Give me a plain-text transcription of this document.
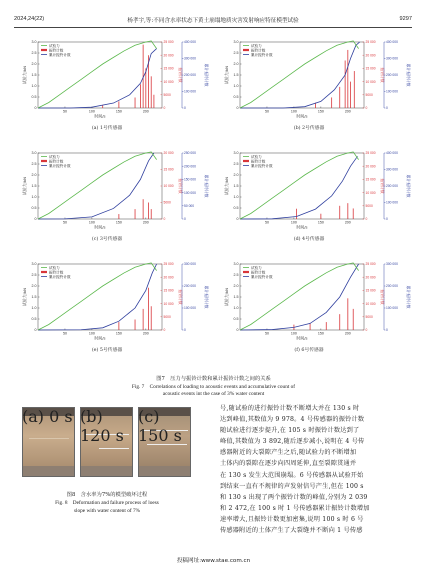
2024,24(22)	杨孝宇,等:不同含水率状态下黄土崩塌地质灾害发射响应特征模型试验	9297
50	100	150	200
时间/s
0
0.5
1.0
1.5
2.0
2.5
3.0
试验力/kN
0
5000
10 000
15 000
20 000
25 000
振铃计数
0
100 000
200 000
300 000
400 000
累计振铃计数
试验力
振铃计数
累计振铃计数
(a) 1号传感器
50	100	150	200
时间/s
0
0.5
1.0
1.5
2.0
2.5
3.0
试验力/kN
0
5000
10 000
15 000
20 000
25 000
振铃计数
0
100 000
200 000
300 000
400 000
累计振铃计数
试验力
振铃计数
累计振铃计数
(b) 2号传感器
50	100	150	200
时间/s
0
0.5
1.0
1.5
2.0
2.5
3.0
试验力/kN
0
5000
10 000
15 000
20 000
振铃计数
0
50 000
100 000
150 000
200 000
250 000
累计振铃计数
试验力
振铃计数
累计振铃计数
(c) 3号传感器
50	100	150	200
时间/s
0
0.5
1.0
1.5
2.0
2.5
3.0
试验力/kN
0
5000
10 000
15 000
20 000
25 000
振铃计数
0
100 000
200 000
300 000
400 000
累计振铃计数
试验力
振铃计数
累计振铃计数
(d) 4号传感器
50	100	150	200
时间/s
0
0.5
1.0
1.5
2.0
2.5
3.0
试验力/kN
0
5000
10 000
15 000
20 000
25 000
振铃计数
0
100 000
200 000
300 000
累计振铃计数
试验力
振铃计数
累计振铃计数
(e) 5号传感器
50	100	150	200
时间/s
0
0.5
1.0
1.5
2.0
2.5
3.0
试验力/kN
0
5000
10 000
15 000
20 000
25 000
振铃计数
0
100 000
200 000
300 000
累计振铃计数
试验力
振铃计数
累计振铃计数
(f) 6号传感器
图7　压力与振铃计数和累计振铃计数之间的关系
Fig. 7　Correlations of loading to acoustic events and accumulative count of
acoustic events int the case of 3% water content
(a) 0 s (b) 120 s
(c) 150 s
图8　含水率为7%的模型破坏过程
Fig. 8　Deformation and failure process of loess
slope with water content of 7%
号,随试验的进行振铃计数不断增大并在 130 s 时
达到峰值,其数值为 9 978。4 号传感器的振铃计数
随试验进行逐步提升,在 105 s 时振铃计数达到了
峰值,其数值为 3 892,随后逐步减小,说明在 4 号传
感器附近的大裂隙产生之后,随试验力的不断增加
土体内的裂隙在逐步向四周延伸,直至裂隙贯通并
在 130 s 发生大范围崩塌。6 号传感器从试验开始
到结束一直有不规律的声发射信号产生,但在 100 s
和 130 s 出现了两个振铃计数的峰值,分别为 2 039
和 2 472,在 100 s 时 1 号传感器累计振铃计数增加
速率增大,且振铃计数更加密集,说明 100 s 时 6 号
传感器附近的土体产生了大裂缝并不断向 1 号传感
投稿网址:www.stae.com.cn
